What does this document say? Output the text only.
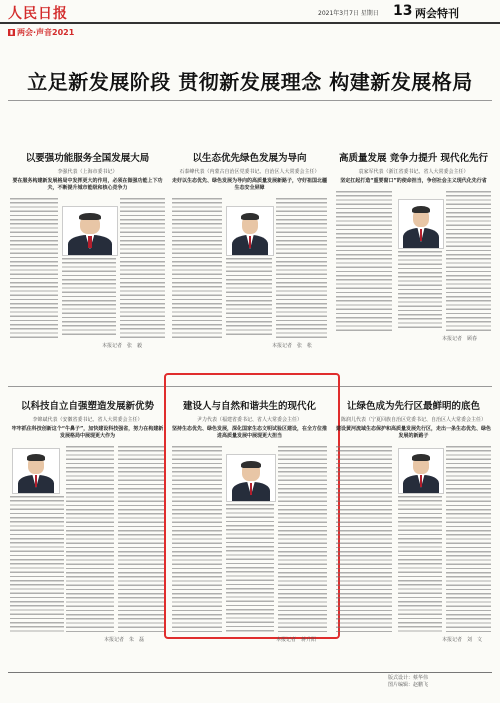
人民日报	2021年3月7日 星期日 13 两会特刊
▮ 两会·声音2021
立足新发展阶段 贯彻新发展理念 构建新发展格局
以要强功能服务全国发展大局
李强代表（上海市委书记）
要在服务构建新发展格局中发挥更大的作用，必须在做强功能上下功夫，不断提升城市能级和核心竞争力
本报记者　张　毅
以生态优先绿色发展为导向
石泰峰代表（内蒙古自治区党委书记、自治区人大常委会主任）
走好以生态优先、绿色发展为导向的高质量发展新路子，守好祖国北疆生态安全屏障
本报记者　张　枨
高质量发展 竞争力提升 现代化先行
袁家军代表（浙江省委书记、省人大常委会主任）
坚定扛起打造“重要窗口”的使命担当，争创社会主义现代化先行省
本报记者　顾春
以科技自立自强塑造发展新优势
李锦斌代表（安徽省委书记、省人大常委会主任）
牢牢抓住科技创新这个“牛鼻子”，加快建设科技强省，努力在构建新发展格局中展现更大作为
本报记者　朱　磊
建设人与自然和谐共生的现代化
尹力代表（福建省委书记、省人大常委会主任）
坚持生态优先、绿色发展，深化国家生态文明试验区建设，在全方位推进高质量发展中展现更大担当
本报记者　蒋升阳
让绿色成为先行区最鲜明的底色
陈润儿代表（宁夏回族自治区党委书记、自治区人大常委会主任）
建设黄河流域生态保护和高质量发展先行区，走出一条生态优先、绿色发展的新路子
本报记者　刘　文
版式设计：蔡华伟
图片编辑：赵鹏飞
